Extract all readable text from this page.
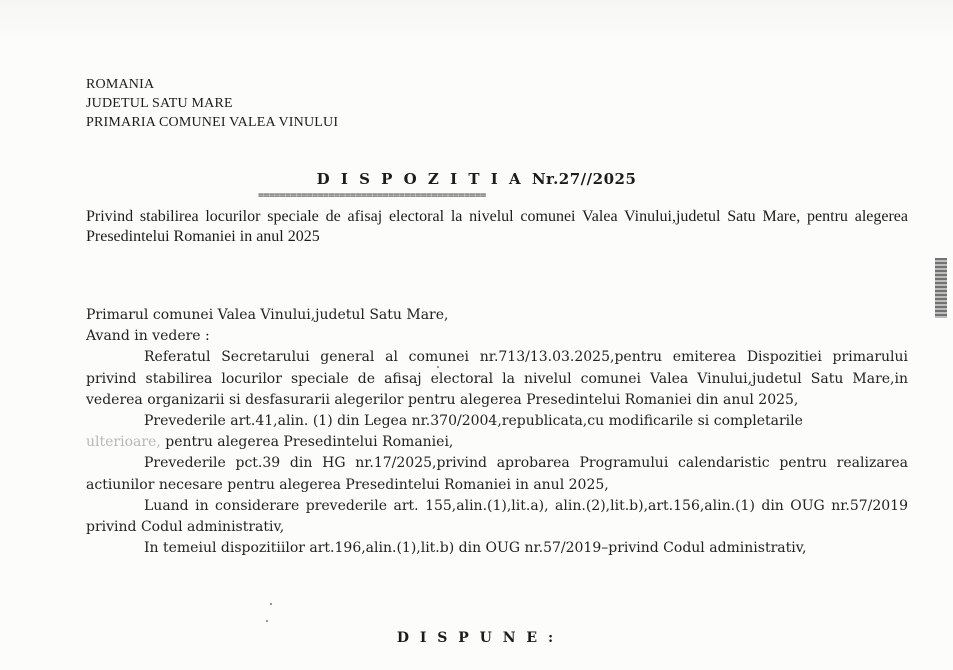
ROMANIA
JUDETUL SATU MARE
PRIMARIA COMUNEI VALEA VINULUI
D I S P O Z I T I A Nr.27//2025
==========================================
Privind stabilirea locurilor speciale de afisaj electoral la nivelul comunei Valea Vinului,judetul Satu Mare, pentru alegerea Presedintelui Romaniei in anul 2025
Primarul comunei Valea Vinului,judetul Satu Mare,
Avand in vedere :
Referatul Secretarului general al comunei nr.713/13.03.2025,pentru emiterea Dispozitiei primarului privind stabilirea locurilor speciale de afisaj electoral la nivelul comunei Valea Vinului,judetul Satu Mare,in vederea organizarii si desfasurarii alegerilor pentru alegerea Presedintelui Romaniei din anul 2025,
Prevederile art.41,alin. (1) din Legea nr.370/2004,republicata,cu modificarile si completarile
ulterioare, pentru alegerea Presedintelui Romaniei,
Prevederile pct.39 din HG nr.17/2025,privind aprobarea Programului calendaristic pentru realizarea actiunilor necesare pentru alegerea Presedintelui Romaniei in anul 2025,
Luand in considerare prevederile art. 155,alin.(1),lit.a), alin.(2),lit.b),art.156,alin.(1) din OUG nr.57/2019 privind Codul administrativ,
In temeiul dispozitiilor art.196,alin.(1),lit.b) din OUG nr.57/2019–privind Codul administrativ,
D I S P U N E :
